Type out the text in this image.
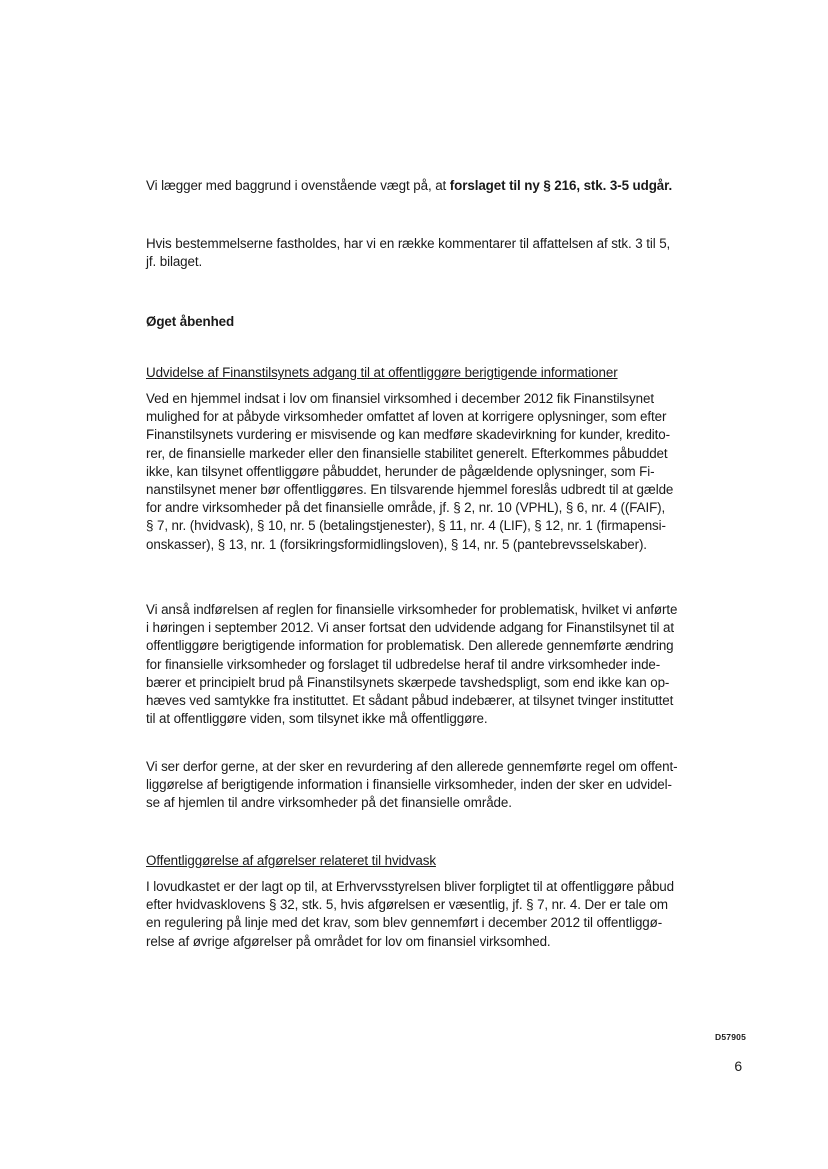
Vi lægger med baggrund i ovenstående vægt på, at forslaget til ny § 216, stk. 3-5 udgår.

Hvis bestemmelserne fastholdes, har vi en række kommentarer til affattelsen af stk. 3 til 5,
jf. bilaget.

Øget åbenhed

Udvidelse af Finanstilsynets adgang til at offentliggøre berigtigende informationer

Ved en hjemmel indsat i lov om finansiel virksomhed i december 2012 fik Finanstilsynet
mulighed for at påbyde virksomheder omfattet af loven at korrigere oplysninger, som efter
Finanstilsynets vurdering er misvisende og kan medføre skadevirkning for kunder, kredito-
rer, de finansielle markeder eller den finansielle stabilitet generelt. Efterkommes påbuddet
ikke, kan tilsynet offentliggøre påbuddet, herunder de pågældende oplysninger, som Fi-
nanstilsynet mener bør offentliggøres. En tilsvarende hjemmel foreslås udbredt til at gælde
for andre virksomheder på det finansielle område, jf. § 2, nr. 10 (VPHL), § 6, nr. 4 ((FAIF),
§ 7, nr. (hvidvask), § 10, nr. 5 (betalingstjenester), § 11, nr. 4 (LIF), § 12, nr. 1 (firmapensi-
onskasser), § 13, nr. 1 (forsikringsformidlingsloven), § 14, nr. 5 (pantebrevsselskaber).

Vi anså indførelsen af reglen for finansielle virksomheder for problematisk, hvilket vi anførte
i høringen i september 2012. Vi anser fortsat den udvidende adgang for Finanstilsynet til at
offentliggøre berigtigende information for problematisk. Den allerede gennemførte ændring
for finansielle virksomheder og forslaget til udbredelse heraf til andre virksomheder inde-
bærer et principielt brud på Finanstilsynets skærpede tavshedspligt, som end ikke kan op-
hæves ved samtykke fra instituttet. Et sådant påbud indebærer, at tilsynet tvinger instituttet
til at offentliggøre viden, som tilsynet ikke må offentliggøre.

Vi ser derfor gerne, at der sker en revurdering af den allerede gennemførte regel om offent-
liggørelse af berigtigende information i finansielle virksomheder, inden der sker en udvidel-
se af hjemlen til andre virksomheder på det finansielle område.

Offentliggørelse af afgørelser relateret til hvidvask

I lovudkastet er der lagt op til, at Erhvervsstyrelsen bliver forpligtet til at offentliggøre påbud
efter hvidvasklovens § 32, stk. 5, hvis afgørelsen er væsentlig, jf. § 7, nr. 4. Der er tale om
en regulering på linje med det krav, som blev gennemført i december 2012 til offentliggø-
relse af øvrige afgørelser på området for lov om finansiel virksomhed.

D57905
6
